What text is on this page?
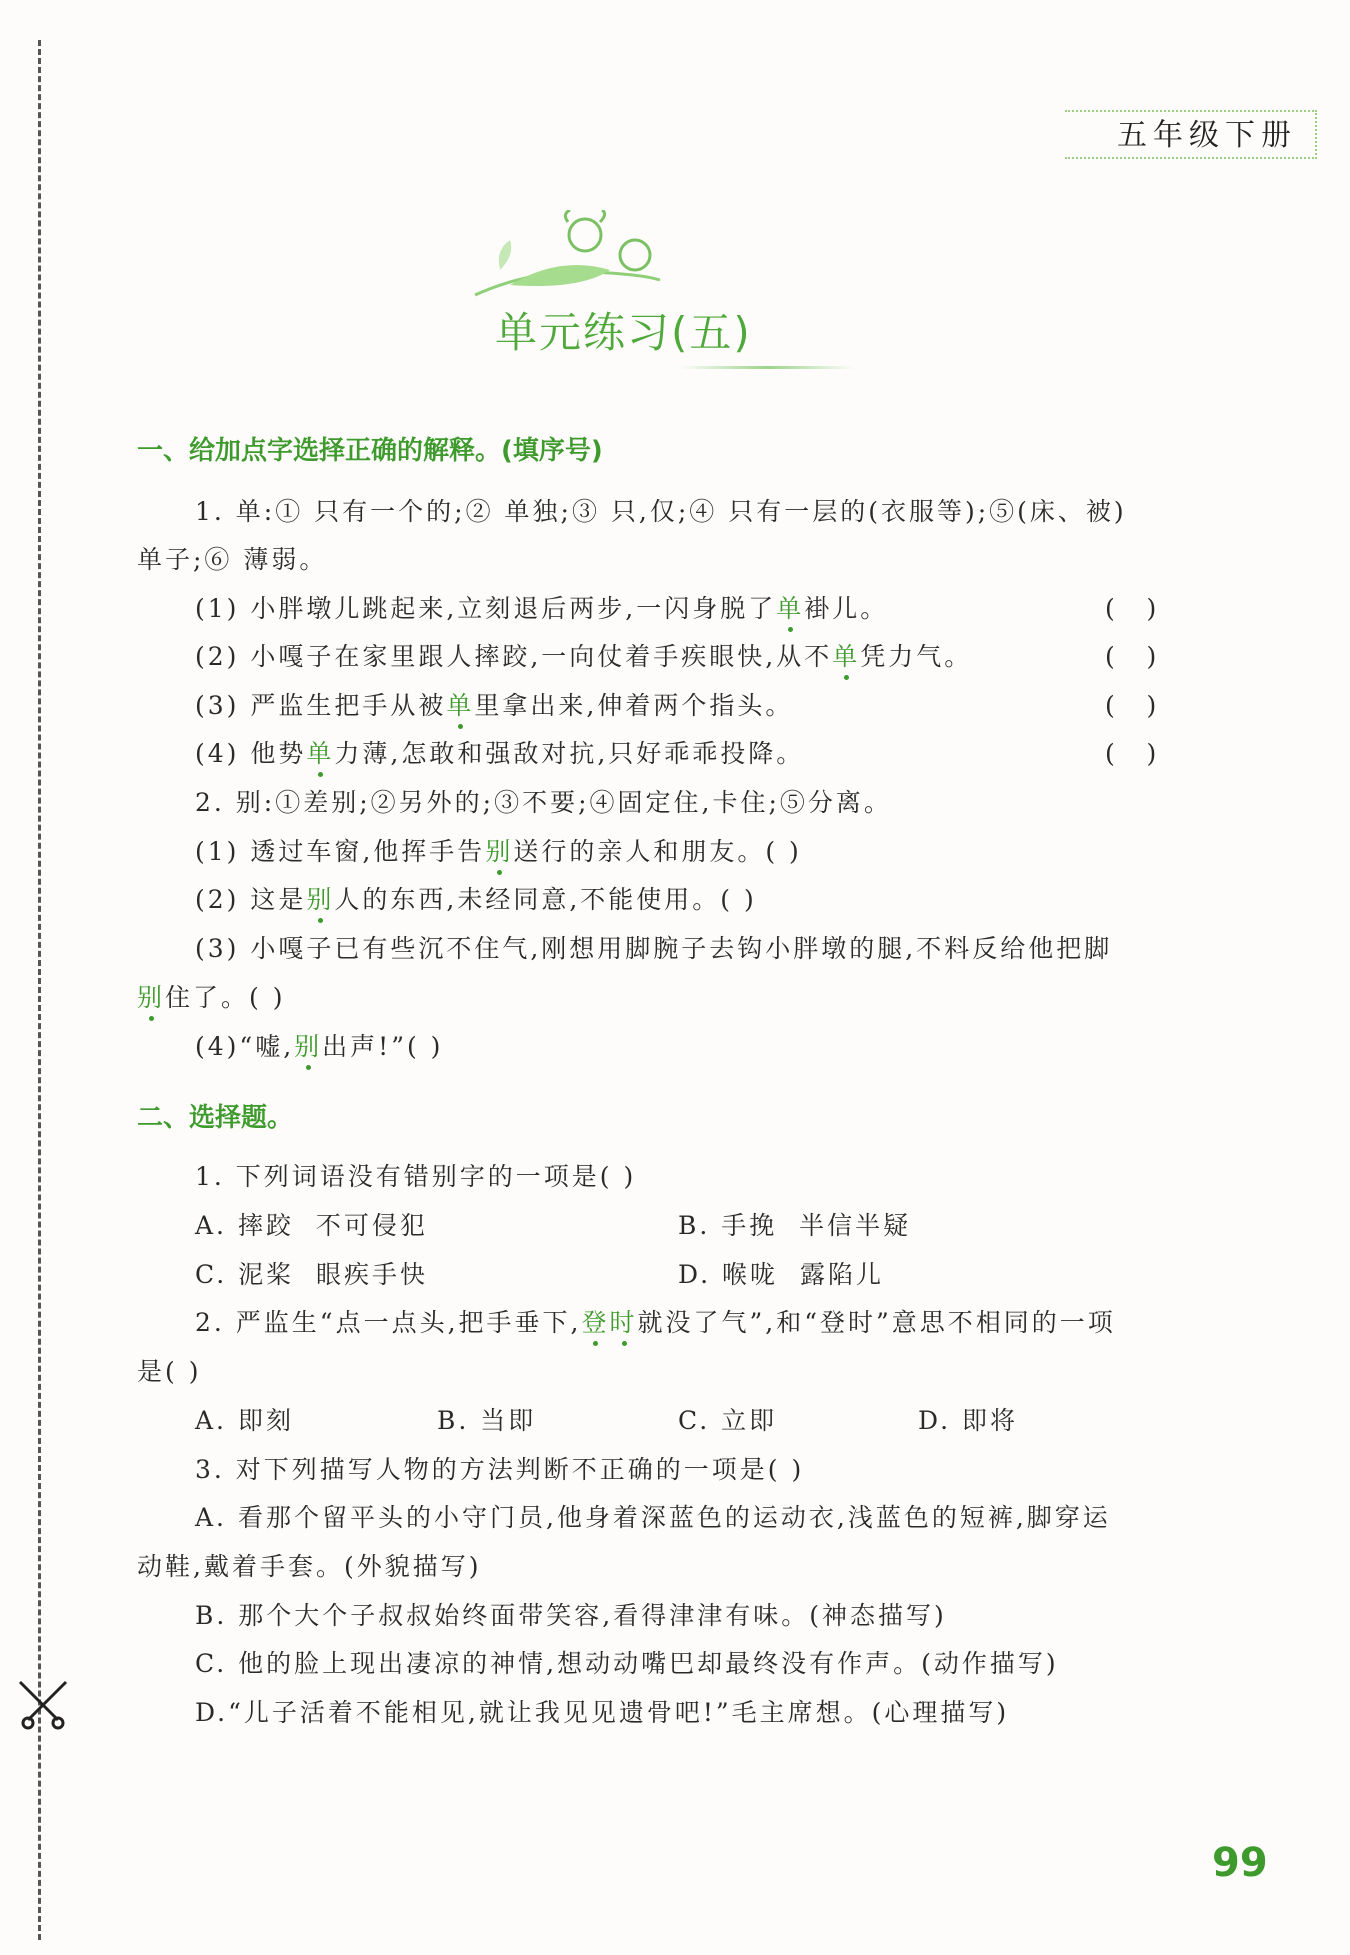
五年级下册
单元练习(五)
一、给加点字选择正确的解释。(填序号)
1. 单:① 只有一个的;② 单独;③ 只,仅;④ 只有一层的(衣服等);⑤(床、被)
单子;⑥ 薄弱。
(1) 小胖墩儿跳起来,立刻退后两步,一闪身脱了单褂儿。	(    )
(2) 小嘎子在家里跟人摔跤,一向仗着手疾眼快,从不单凭力气。	(    )
(3) 严监生把手从被单里拿出来,伸着两个指头。	(    )
(4) 他势单力薄,怎敢和强敌对抗,只好乖乖投降。	(    )
2. 别:①差别;②另外的;③不要;④固定住,卡住;⑤分离。
(1) 透过车窗,他挥手告别送行的亲人和朋友。( )
(2) 这是别人的东西,未经同意,不能使用。( )
(3) 小嘎子已有些沉不住气,刚想用脚腕子去钩小胖墩的腿,不料反给他把脚
别住了。( )
(4)“嘘,别出声!”( )
二、选择题。
1. 下列词语没有错别字的一项是( )
A. 摔跤  不可侵犯	B. 手挽  半信半疑
C. 泥桨  眼疾手快	D. 喉咙  露陷儿
2. 严监生“点一点头,把手垂下,登时就没了气”,和“登时”意思不相同的一项
是( )
A. 即刻	B. 当即	C. 立即	D. 即将
3. 对下列描写人物的方法判断不正确的一项是( )
A. 看那个留平头的小守门员,他身着深蓝色的运动衣,浅蓝色的短裤,脚穿运
动鞋,戴着手套。(外貌描写)
B. 那个大个子叔叔始终面带笑容,看得津津有味。(神态描写)
C. 他的脸上现出凄凉的神情,想动动嘴巴却最终没有作声。(动作描写)
D.“儿子活着不能相见,就让我见见遗骨吧!”毛主席想。(心理描写)
99
